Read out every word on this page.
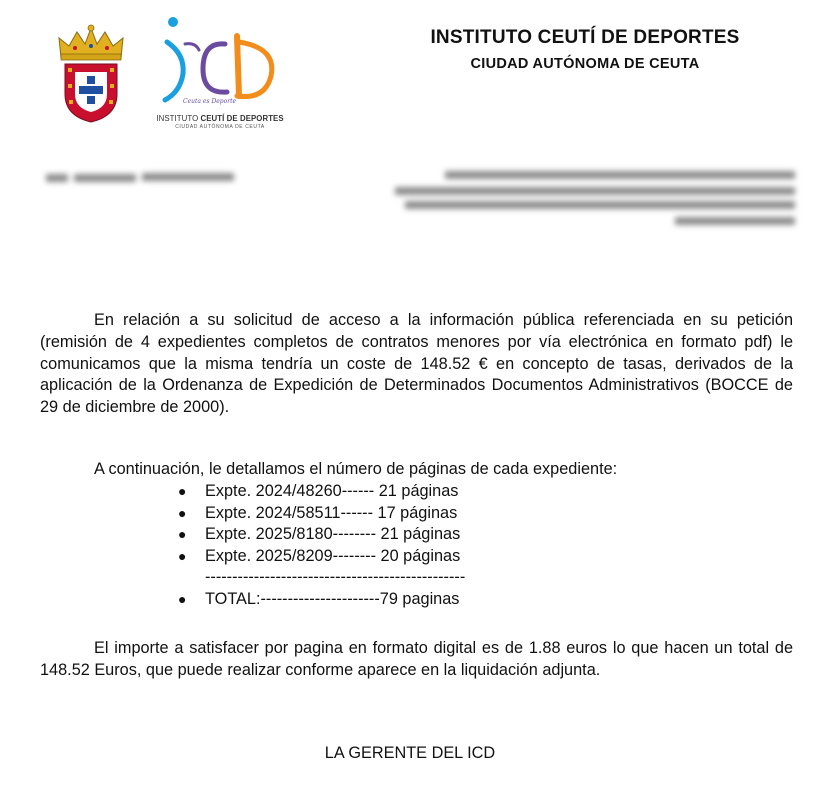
Ceuta es Deporte
INSTITUTO CEUTÍ DE DEPORTES
CIUDAD AUTÓNOMA DE CEUTA
INSTITUTO CEUTÍ DE DEPORTES
CIUDAD AUTÓNOMA DE CEUTA
En relación a su solicitud de acceso a la información pública referenciada en su petición (remisión de 4 expedientes completos de contratos menores por vía electrónica en formato pdf) le comunicamos que la misma tendría un coste de 148.52 € en concepto de tasas, derivados de la aplicación de la Ordenanza de Expedición de Determinados Documentos Administrativos (BOCCE de 29 de diciembre de 2000).
A continuación, le detallamos el número de páginas de cada expediente:
● Expte. 2024/48260------ 21 páginas
● Expte. 2024/58511------ 17 páginas
● Expte. 2025/8180-------- 21 páginas
● Expte. 2025/8209-------- 20 páginas
------------------------------------------------
● TOTAL:----------------------79 paginas
El importe a satisfacer por pagina en formato digital es de 1.88 euros lo que hacen un total de 148.52 Euros, que puede realizar conforme aparece en la liquidación adjunta.
LA GERENTE DEL ICD
